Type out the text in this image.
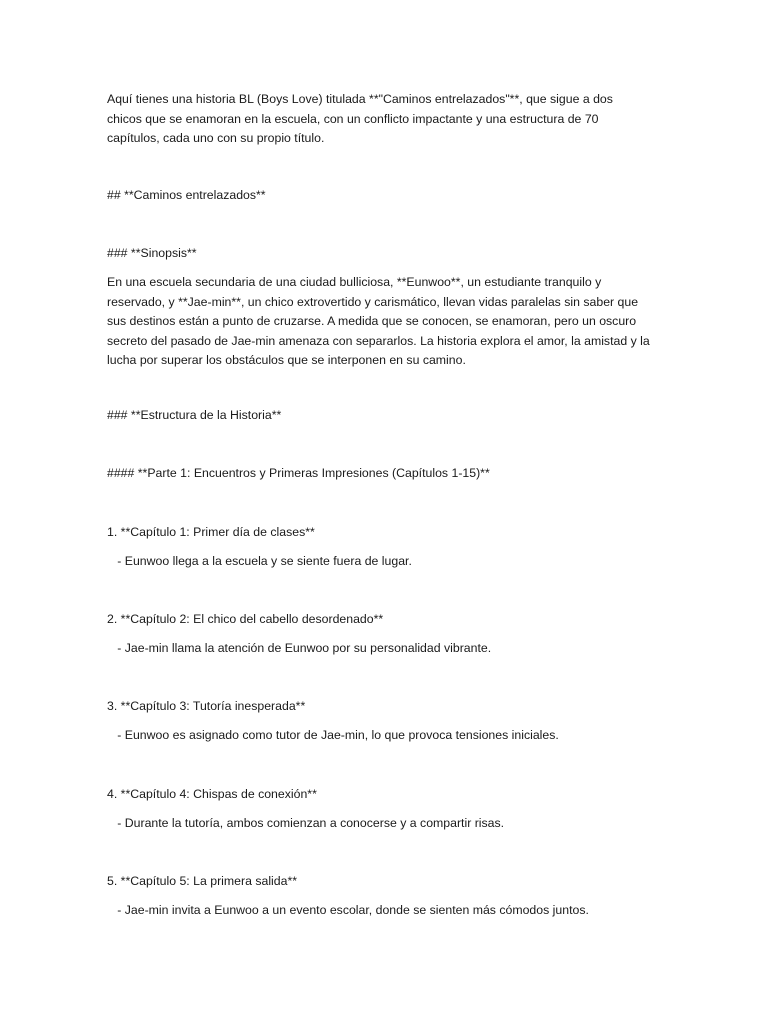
Aquí tienes una historia BL (Boys Love) titulada **"Caminos entrelazados"**, que sigue a dos
chicos que se enamoran en la escuela, con un conflicto impactante y una estructura de 70
capítulos, cada uno con su propio título.
## **Caminos entrelazados**
### **Sinopsis**
En una escuela secundaria de una ciudad bulliciosa, **Eunwoo**, un estudiante tranquilo y
reservado, y **Jae-min**, un chico extrovertido y carismático, llevan vidas paralelas sin saber que
sus destinos están a punto de cruzarse. A medida que se conocen, se enamoran, pero un oscuro
secreto del pasado de Jae-min amenaza con separarlos. La historia explora el amor, la amistad y la
lucha por superar los obstáculos que se interponen en su camino.
### **Estructura de la Historia**
#### **Parte 1: Encuentros y Primeras Impresiones (Capítulos 1-15)**
1. **Capítulo 1: Primer día de clases**
- Eunwoo llega a la escuela y se siente fuera de lugar.
2. **Capítulo 2: El chico del cabello desordenado**
- Jae-min llama la atención de Eunwoo por su personalidad vibrante.
3. **Capítulo 3: Tutoría inesperada**
- Eunwoo es asignado como tutor de Jae-min, lo que provoca tensiones iniciales.
4. **Capítulo 4: Chispas de conexión**
- Durante la tutoría, ambos comienzan a conocerse y a compartir risas.
5. **Capítulo 5: La primera salida**
- Jae-min invita a Eunwoo a un evento escolar, donde se sienten más cómodos juntos.
